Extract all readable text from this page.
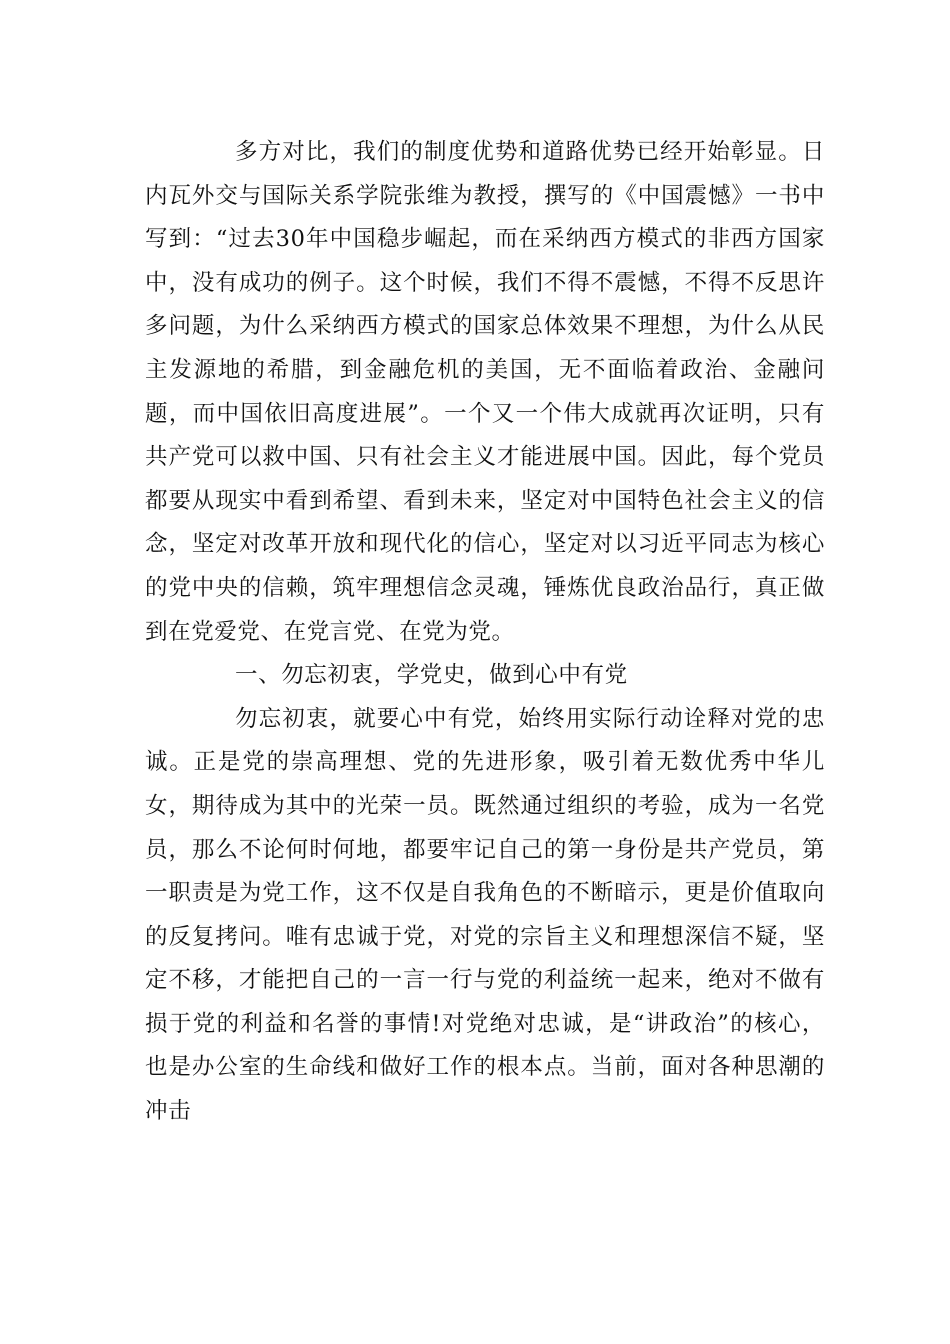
多方对比，我们的制度优势和道路优势已经开始彰显。日内瓦外交与国际关系学院张维为教授，撰写的《中国震憾》一书中写到：“过去30年中国稳步崛起，而在采纳西方模式的非西方国家中，没有成功的例子。这个时候，我们不得不震憾，不得不反思许多问题，为什么采纳西方模式的国家总体效果不理想，为什么从民主发源地的希腊，到金融危机的美国，无不面临着政治、金融问题，而中国依旧高度进展”。一个又一个伟大成就再次证明，只有共产党可以救中国、只有社会主义才能进展中国。因此，每个党员都要从现实中看到希望、看到未来，坚定对中国特色社会主义的信念，坚定对改革开放和现代化的信心，坚定对以习近平同志为核心的党中央的信赖，筑牢理想信念灵魂，锤炼优良政治品行，真正做到在党爱党、在党言党、在党为党。

一、勿忘初衷，学党史，做到心中有党

勿忘初衷，就要心中有党，始终用实际行动诠释对党的忠诚。正是党的崇高理想、党的先进形象，吸引着无数优秀中华儿女，期待成为其中的光荣一员。既然通过组织的考验，成为一名党员，那么不论何时何地，都要牢记自己的第一身份是共产党员，第一职责是为党工作，这不仅是自我角色的不断暗示，更是价值取向的反复拷问。唯有忠诚于党，对党的宗旨主义和理想深信不疑，坚定不移，才能把自己的一言一行与党的利益统一起来，绝对不做有损于党的利益和名誉的事情!对党绝对忠诚，是“讲政治”的核心，也是办公室的生命线和做好工作的根本点。当前，面对各种思潮的冲击
